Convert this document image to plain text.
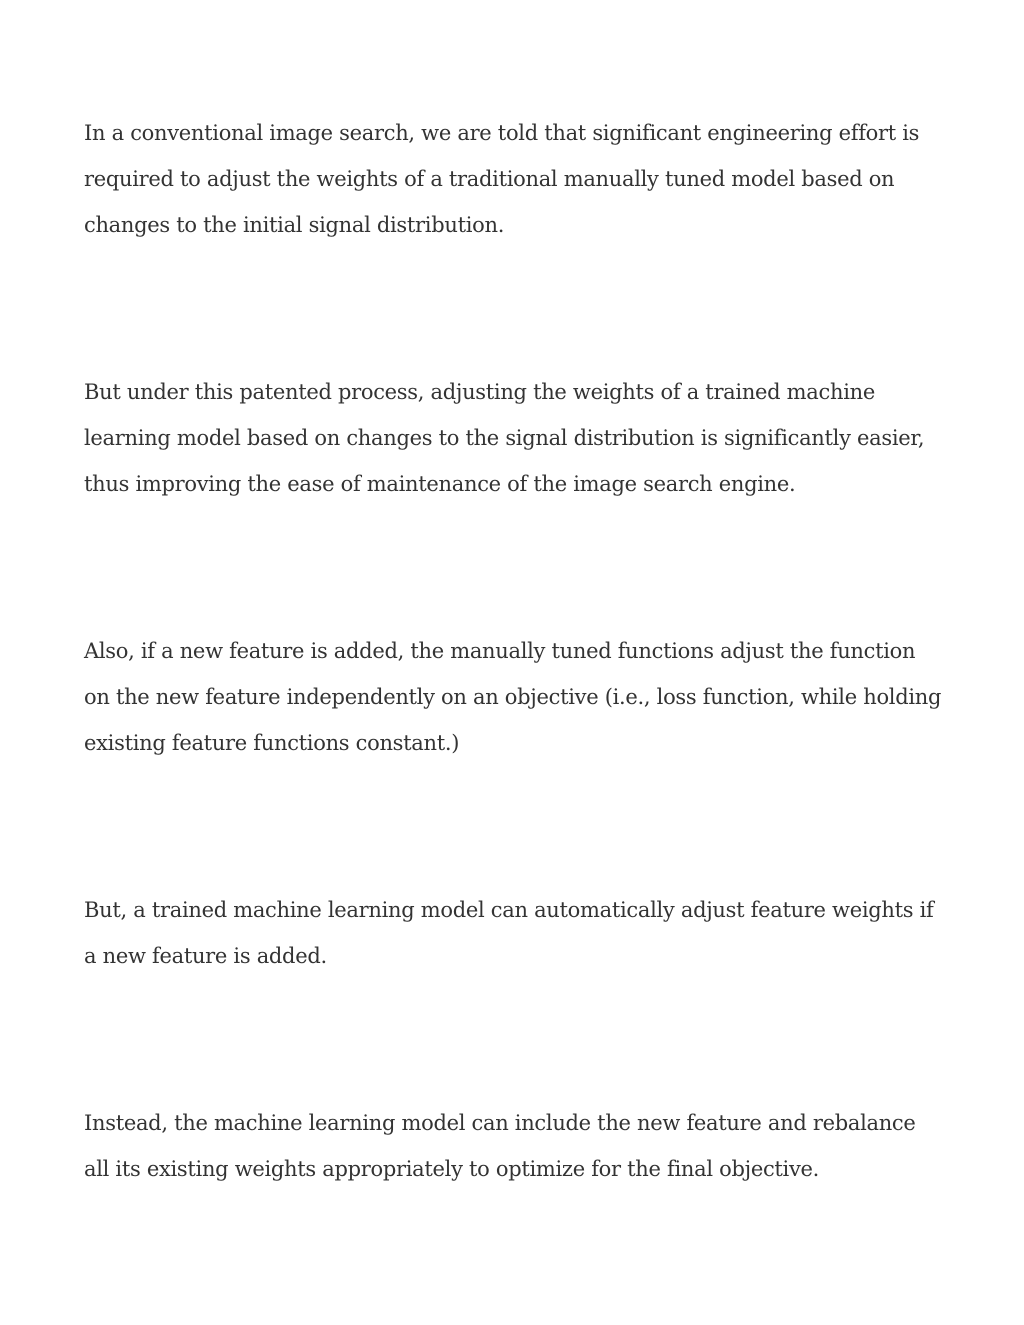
In a conventional image search, we are told that significant engineering effort is required to adjust the weights of a traditional manually tuned model based on changes to the initial signal distribution.

But under this patented process, adjusting the weights of a trained machine learning model based on changes to the signal distribution is significantly easier, thus improving the ease of maintenance of the image search engine.

Also, if a new feature is added, the manually tuned functions adjust the function on the new feature independently on an objective (i.e., loss function, while holding existing feature functions constant.)

But, a trained machine learning model can automatically adjust feature weights if a new feature is added.

Instead, the machine learning model can include the new feature and rebalance all its existing weights appropriately to optimize for the final objective.
